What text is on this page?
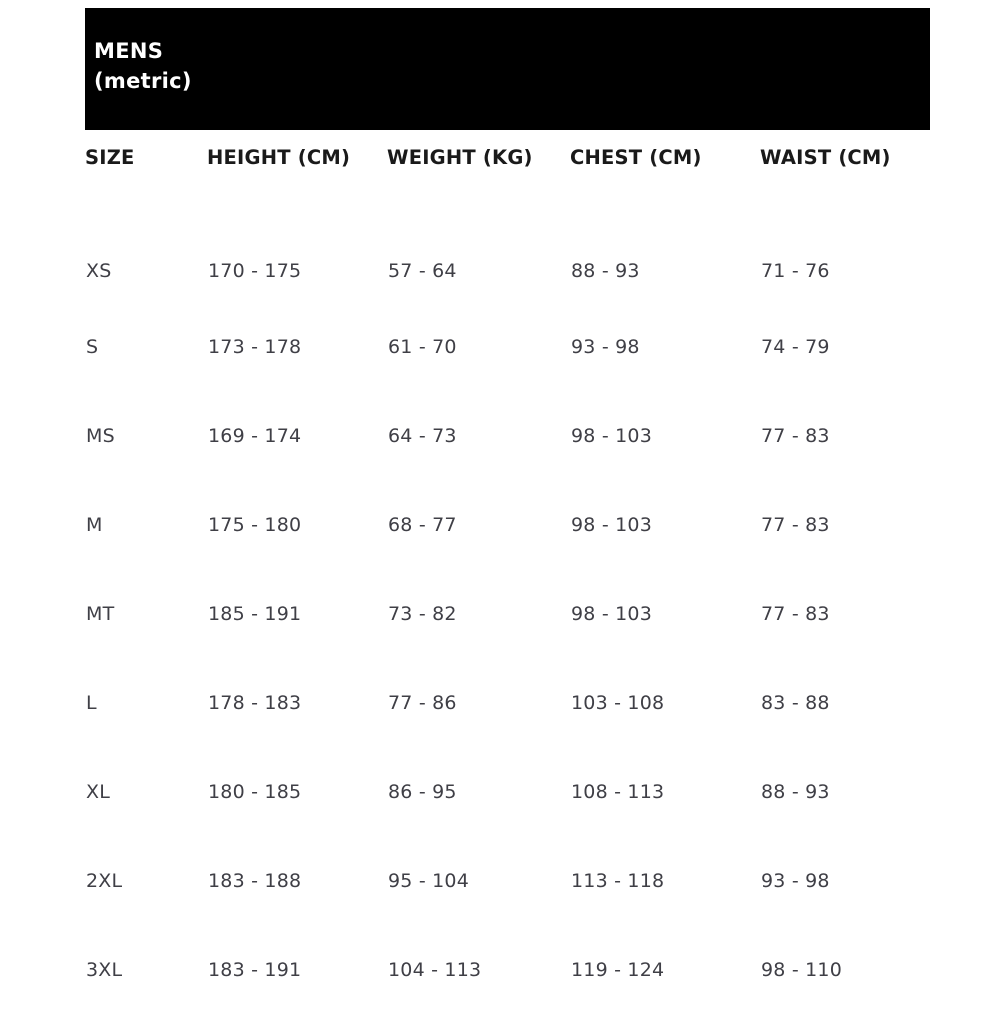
MENS
(metric)
SIZE	HEIGHT (CM)	WEIGHT (KG)	CHEST (CM)	WAIST (CM)
XS	170 - 175	57 - 64	88 - 93	71 - 76
S	173 - 178	61 - 70	93 - 98	74 - 79
MS	169 - 174	64 - 73	98 - 103	77 - 83
M	175 - 180	68 - 77	98 - 103	77 - 83
MT	185 - 191	73 - 82	98 - 103	77 - 83
L	178 - 183	77 - 86	103 - 108	83 - 88
XL	180 - 185	86 - 95	108 - 113	88 - 93
2XL	183 - 188	95 - 104	113 - 118	93 - 98
3XL	183 - 191	104 - 113	119 - 124	98 - 110
